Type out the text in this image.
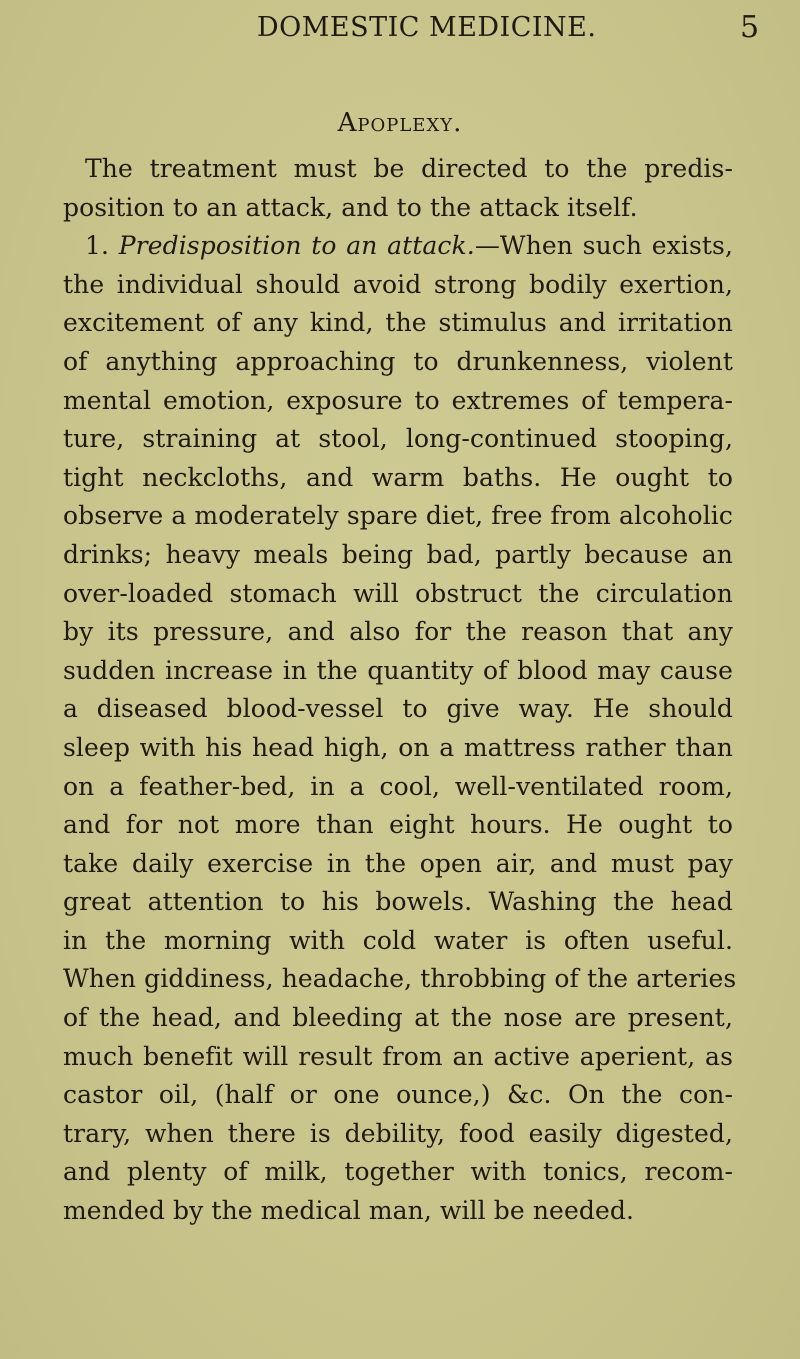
DOMESTIC MEDICINE.	5
Apoplexy.
The treatment must be directed to the predis-
position to an attack, and to the attack itself.
1. Predisposition to an attack.—When such exists,
the individual should avoid strong bodily exertion,
excitement of any kind, the stimulus and irritation
of anything approaching to drunkenness, violent
mental emotion, exposure to extremes of tempera-
ture, straining at stool, long-continued stooping,
tight neckcloths, and warm baths. He ought to
observe a moderately spare diet, free from alcoholic
drinks; heavy meals being bad, partly because an
over-loaded stomach will obstruct the circulation
by its pressure, and also for the reason that any
sudden increase in the quantity of blood may cause
a diseased blood-vessel to give way. He should
sleep with his head high, on a mattress rather than
on a feather-bed, in a cool, well-ventilated room,
and for not more than eight hours. He ought to
take daily exercise in the open air, and must pay
great attention to his bowels. Washing the head
in the morning with cold water is often useful.
When giddiness, headache, throbbing of the arteries
of the head, and bleeding at the nose are present,
much benefit will result from an active aperient, as
castor oil, (half or one ounce,) &c. On the con-
trary, when there is debility, food easily digested,
and plenty of milk, together with tonics, recom-
mended by the medical man, will be needed.
